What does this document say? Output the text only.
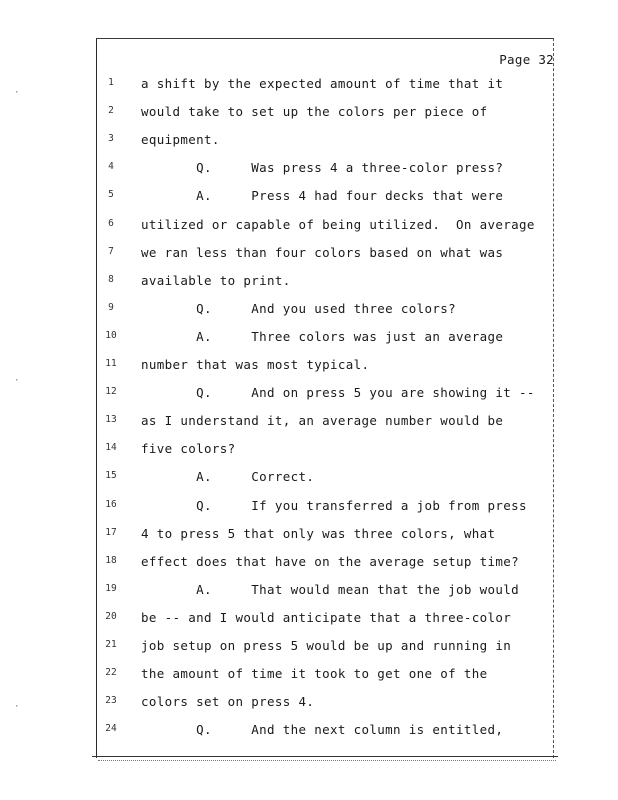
·
·
·
Page 32
1	a shift by the expected amount of time that it
2	would take to set up the colors per piece of
3	equipment.
4	Q.     Was press 4 a three-color press?
5	A.     Press 4 had four decks that were
6	utilized or capable of being utilized.  On average
7	we ran less than four colors based on what was
8	available to print.
9	Q.     And you used three colors?
10	A.     Three colors was just an average
11	number that was most typical.
12	Q.     And on press 5 you are showing it --
13	as I understand it, an average number would be
14	five colors?
15	A.     Correct.
16	Q.     If you transferred a job from press
17	4 to press 5 that only was three colors, what
18	effect does that have on the average setup time?
19	A.     That would mean that the job would
20	be -- and I would anticipate that a three-color
21	job setup on press 5 would be up and running in
22	the amount of time it took to get one of the
23	colors set on press 4.
24	Q.     And the next column is entitled,
